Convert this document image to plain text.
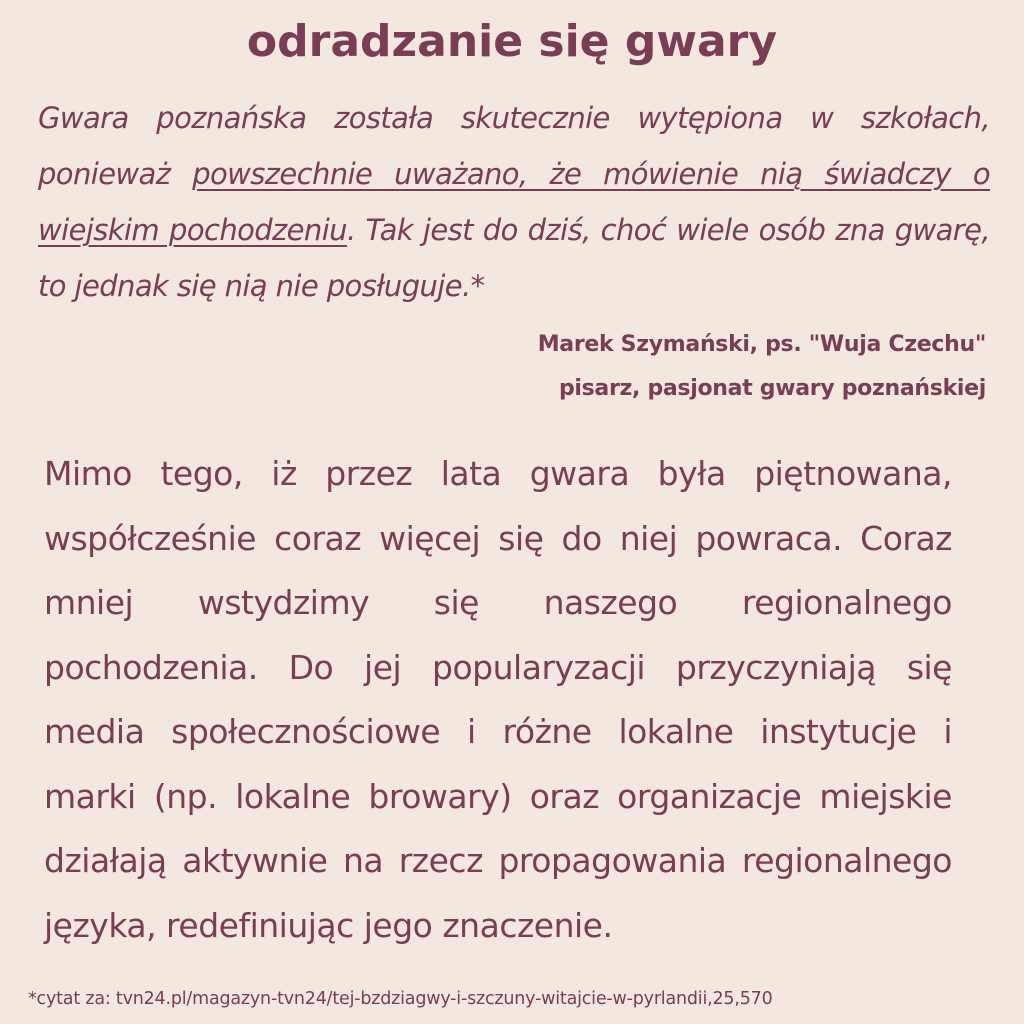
odradzanie się gwary

Gwara poznańska została skutecznie wytępiona w szkołach, ponieważ powszechnie uważano, że mówienie nią świadczy o wiejskim pochodzeniu. Tak jest do dziś, choć wiele osób zna gwarę, to jednak się nią nie posługuje.*

Marek Szymański, ps. "Wuja Czechu"
pisarz, pasjonat gwary poznańskiej

Mimo tego, iż przez lata gwara była piętnowana, współcześnie coraz więcej się do niej powraca. Coraz mniej wstydzimy się naszego regionalnego pochodzenia. Do jej popularyzacji przyczyniają się media społecznościowe i różne lokalne instytucje i marki (np. lokalne browary) oraz organizacje miejskie działają aktywnie na rzecz propagowania regionalnego języka, redefiniując jego znaczenie.

*cytat za: tvn24.pl/magazyn-tvn24/tej-bzdziagwy-i-szczuny-witajcie-w-pyrlandii,25,570
